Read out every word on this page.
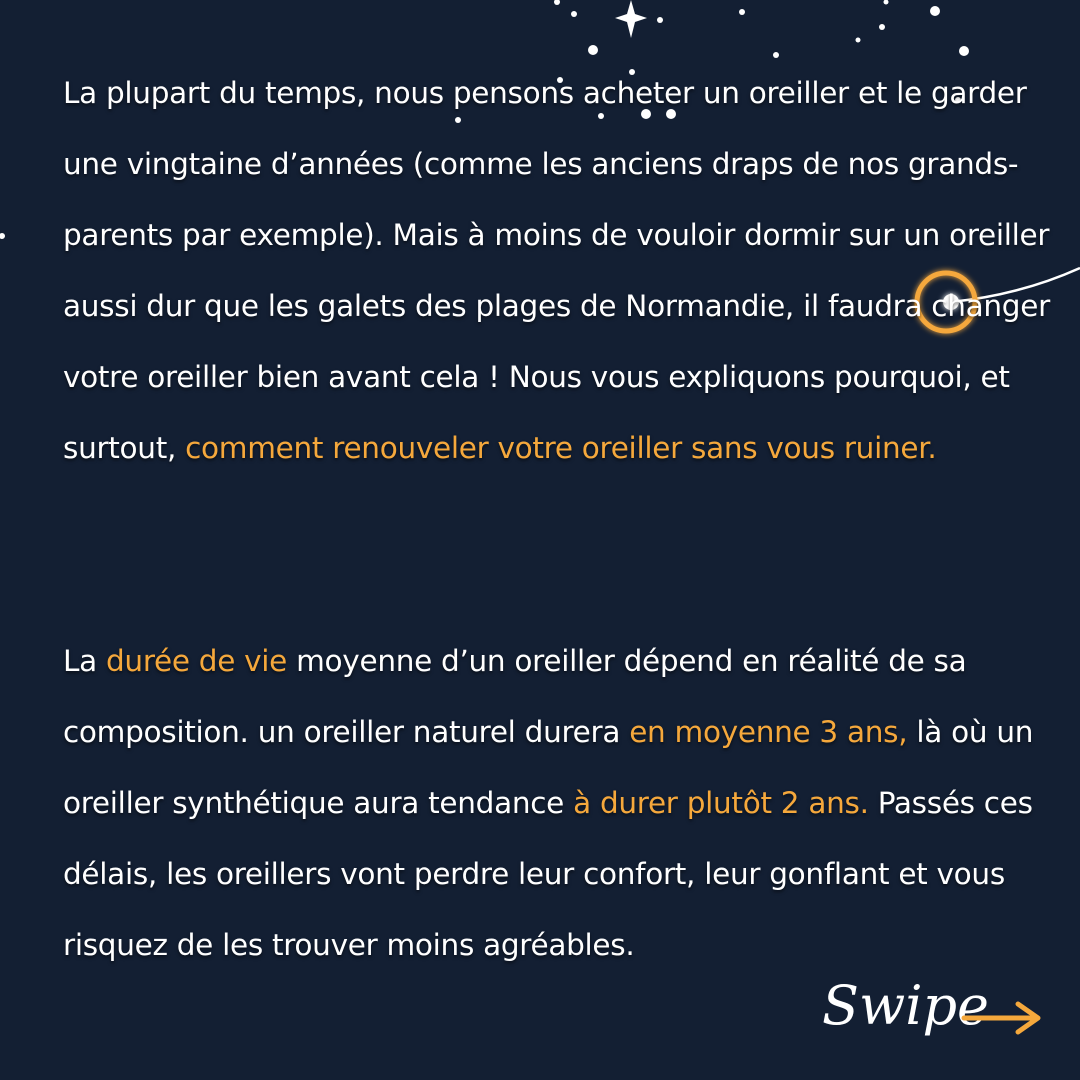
La plupart du temps, nous pensons acheter un oreiller et le garder une vingtaine d’années (comme les anciens draps de nos grands-parents par exemple). Mais à moins de vouloir dormir sur un oreiller aussi dur que les galets des plages de Normandie, il faudra changer votre oreiller bien avant cela ! Nous vous expliquons pourquoi, et surtout, comment renouveler votre oreiller sans vous ruiner.

La durée de vie moyenne d’un oreiller dépend en réalité de sa composition. un oreiller naturel durera en moyenne 3 ans, là où un oreiller synthétique aura tendance à durer plutôt 2 ans. Passés ces délais, les oreillers vont perdre leur confort, leur gonflant et vous risquez de les trouver moins agréables.

Swipe
